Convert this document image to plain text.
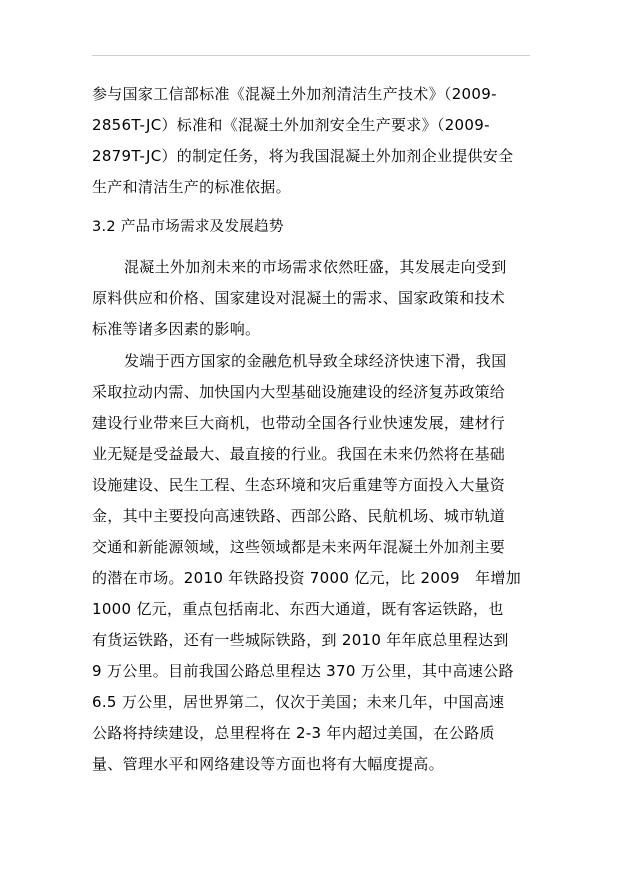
参与国家工信部标准《混凝土外加剂清洁生产技术》（2009-
2856T-JC）标准和《混凝土外加剂安全生产要求》（2009-
2879T-JC）的制定任务，将为我国混凝土外加剂企业提供安全
生产和清洁生产的标准依据。
3.2 产品市场需求及发展趋势
混凝土外加剂未来的市场需求依然旺盛，其发展走向受到
原料供应和价格、国家建设对混凝土的需求、国家政策和技术
标准等诸多因素的影响。
发端于西方国家的金融危机导致全球经济快速下滑，我国
采取拉动内需、加快国内大型基础设施建设的经济复苏政策给
建设行业带来巨大商机，也带动全国各行业快速发展，建材行
业无疑是受益最大、最直接的行业。我国在未来仍然将在基础
设施建设、民生工程、生态环境和灾后重建等方面投入大量资
金，其中主要投向高速铁路、西部公路、民航机场、城市轨道
交通和新能源领域，这些领域都是未来两年混凝土外加剂主要
的潜在市场。2010 年铁路投资 7000 亿元，比 2009   年增加
1000 亿元，重点包括南北、东西大通道，既有客运铁路，也
有货运铁路，还有一些城际铁路，到 2010 年年底总里程达到
9 万公里。目前我国公路总里程达 370 万公里，其中高速公路
6.5 万公里，居世界第二，仅次于美国；未来几年，中国高速
公路将持续建设，总里程将在 2-3 年内超过美国，在公路质
量、管理水平和网络建设等方面也将有大幅度提高。
